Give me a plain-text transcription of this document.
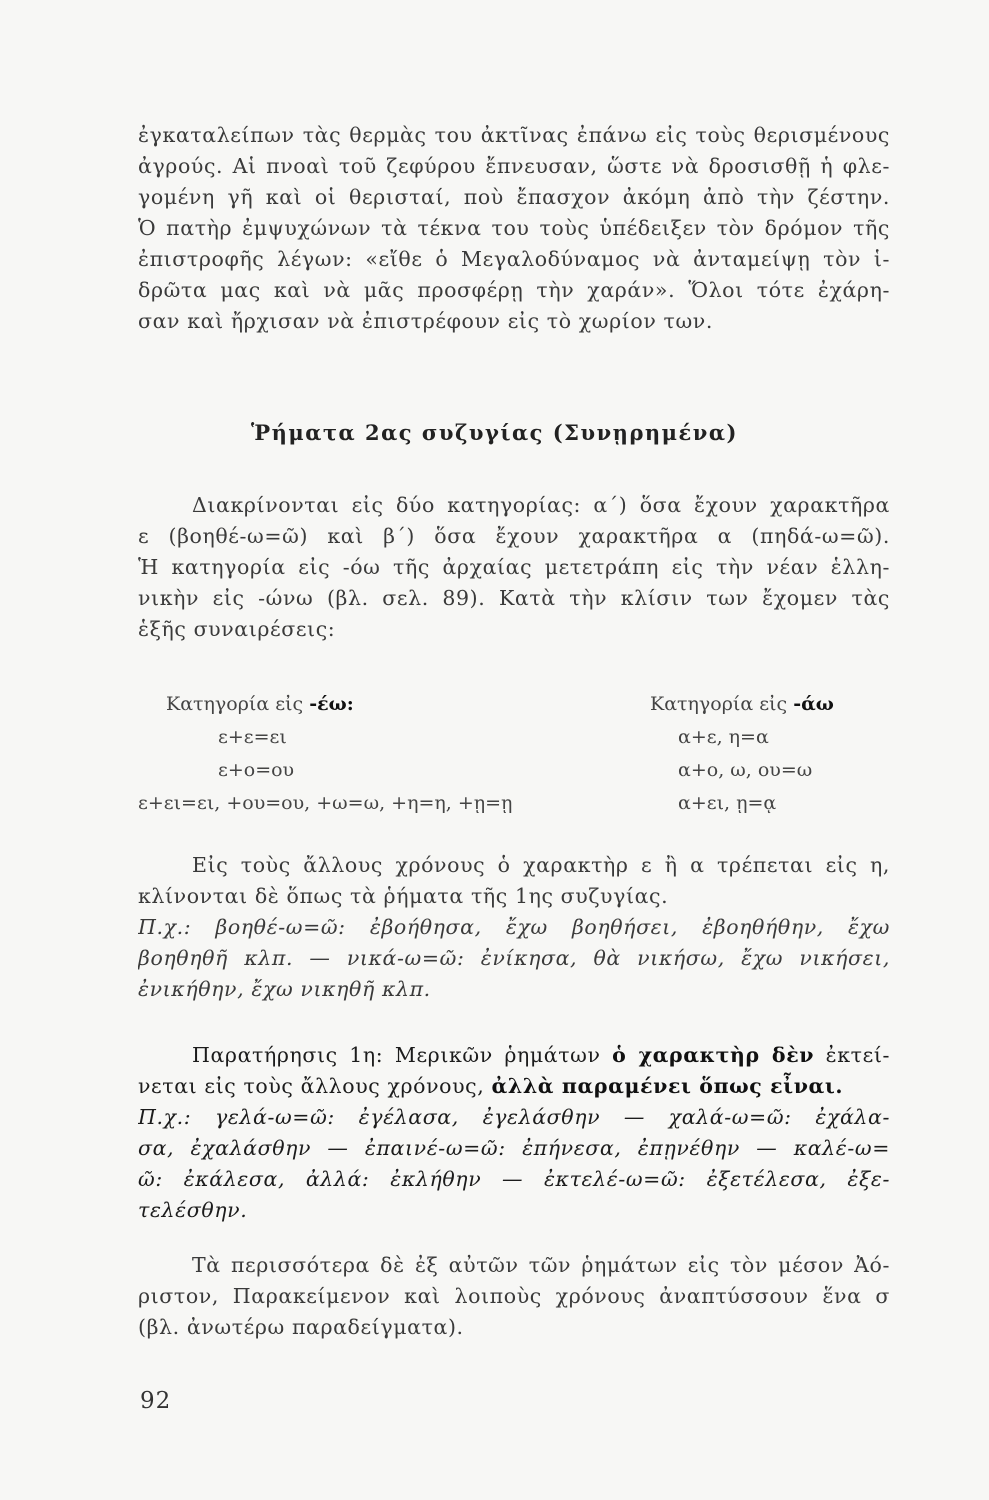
ἐγκαταλείπων τὰς θερμὰς του ἀκτῖνας ἐπάνω εἰς τοὺς θερισμένους
ἀγρούς. Αἱ πνοαὶ τοῦ ζεφύρου ἔπνευσαν, ὥστε νὰ δροσισθῇ ἡ φλε-
γομένη γῆ καὶ οἱ θερισταί, ποὺ ἔπασχον ἀκόμη ἀπὸ τὴν ζέστην.
Ὁ πατὴρ ἐμψυχώνων τὰ τέκνα του τοὺς ὑπέδειξεν τὸν δρόμον τῆς
ἐπιστροφῆς λέγων: «εἴθε ὁ Μεγαλοδύναμος νὰ ἀνταμείψῃ τὸν ἱ-
δρῶτα μας καὶ νὰ μᾶς προσφέρῃ τὴν χαράν». Ὅλοι τότε ἐχάρη-
σαν καὶ ἤρχισαν νὰ ἐπιστρέφουν εἰς τὸ χωρίον των.
Ῥήματα 2ας συζυγίας (Συνῃρημένα)
Διακρίνονται εἰς δύο κατηγορίας: α΄) ὅσα ἔχουν χαρακτῆρα
ε (βοηθέ-ω=ῶ) καὶ β΄) ὅσα ἔχουν χαρακτῆρα α (πηδά-ω=ῶ).
Ἡ κατηγορία εἰς -όω τῆς ἀρχαίας μετετράπη εἰς τὴν νέαν ἑλλη-
νικὴν εἰς -ώνω (βλ. σελ. 89). Κατὰ τὴν κλίσιν των ἔχομεν τὰς
ἑξῆς συναιρέσεις:
Κατηγορία εἰς -έω:	Κατηγορία εἰς -άω
ε+ε=ει	α+ε, η=α
ε+ο=ου	α+ο, ω, ου=ω
ε+ει=ει, +ου=ου, +ω=ω, +η=η, +ῃ=ῃ	α+ει, ῃ=ᾳ
Εἰς τοὺς ἄλλους χρόνους ὁ χαρακτὴρ ε ἢ α τρέπεται εἰς η,
κλίνονται δὲ ὅπως τὰ ῥήματα τῆς 1ης συζυγίας.
Π.χ.: βοηθέ-ω=ῶ: ἐβοήθησα, ἔχω βοηθήσει, ἐβοηθήθην, ἔχω
βοηθηθῆ κλπ. — νικά-ω=ῶ: ἐνίκησα, θὰ νικήσω, ἔχω νικήσει,
ἐνικήθην, ἔχω νικηθῆ κλπ.
Παρατήρησις 1η: Μερικῶν ῥημάτων ὁ χαρακτὴρ δὲν ἐκτεί-
νεται εἰς τοὺς ἄλλους χρόνους, ἀλλὰ παραμένει ὅπως εἶναι.
Π.χ.: γελά-ω=ῶ: ἐγέλασα, ἐγελάσθην — χαλά-ω=ῶ: ἐχάλα-
σα, ἐχαλάσθην — ἐπαινέ-ω=ῶ: ἐπήνεσα, ἐπῃνέθην — καλέ-ω=
ῶ: ἐκάλεσα, ἀλλά: ἐκλήθην — ἐκτελέ-ω=ῶ: ἐξετέλεσα, ἐξε-
τελέσθην.
Τὰ περισσότερα δὲ ἐξ αὐτῶν τῶν ῥημάτων εἰς τὸν μέσον Ἀό-
ριστον, Παρακείμενον καὶ λοιποὺς χρόνους ἀναπτύσσουν ἕνα σ
(βλ. ἀνωτέρω παραδείγματα).
92
